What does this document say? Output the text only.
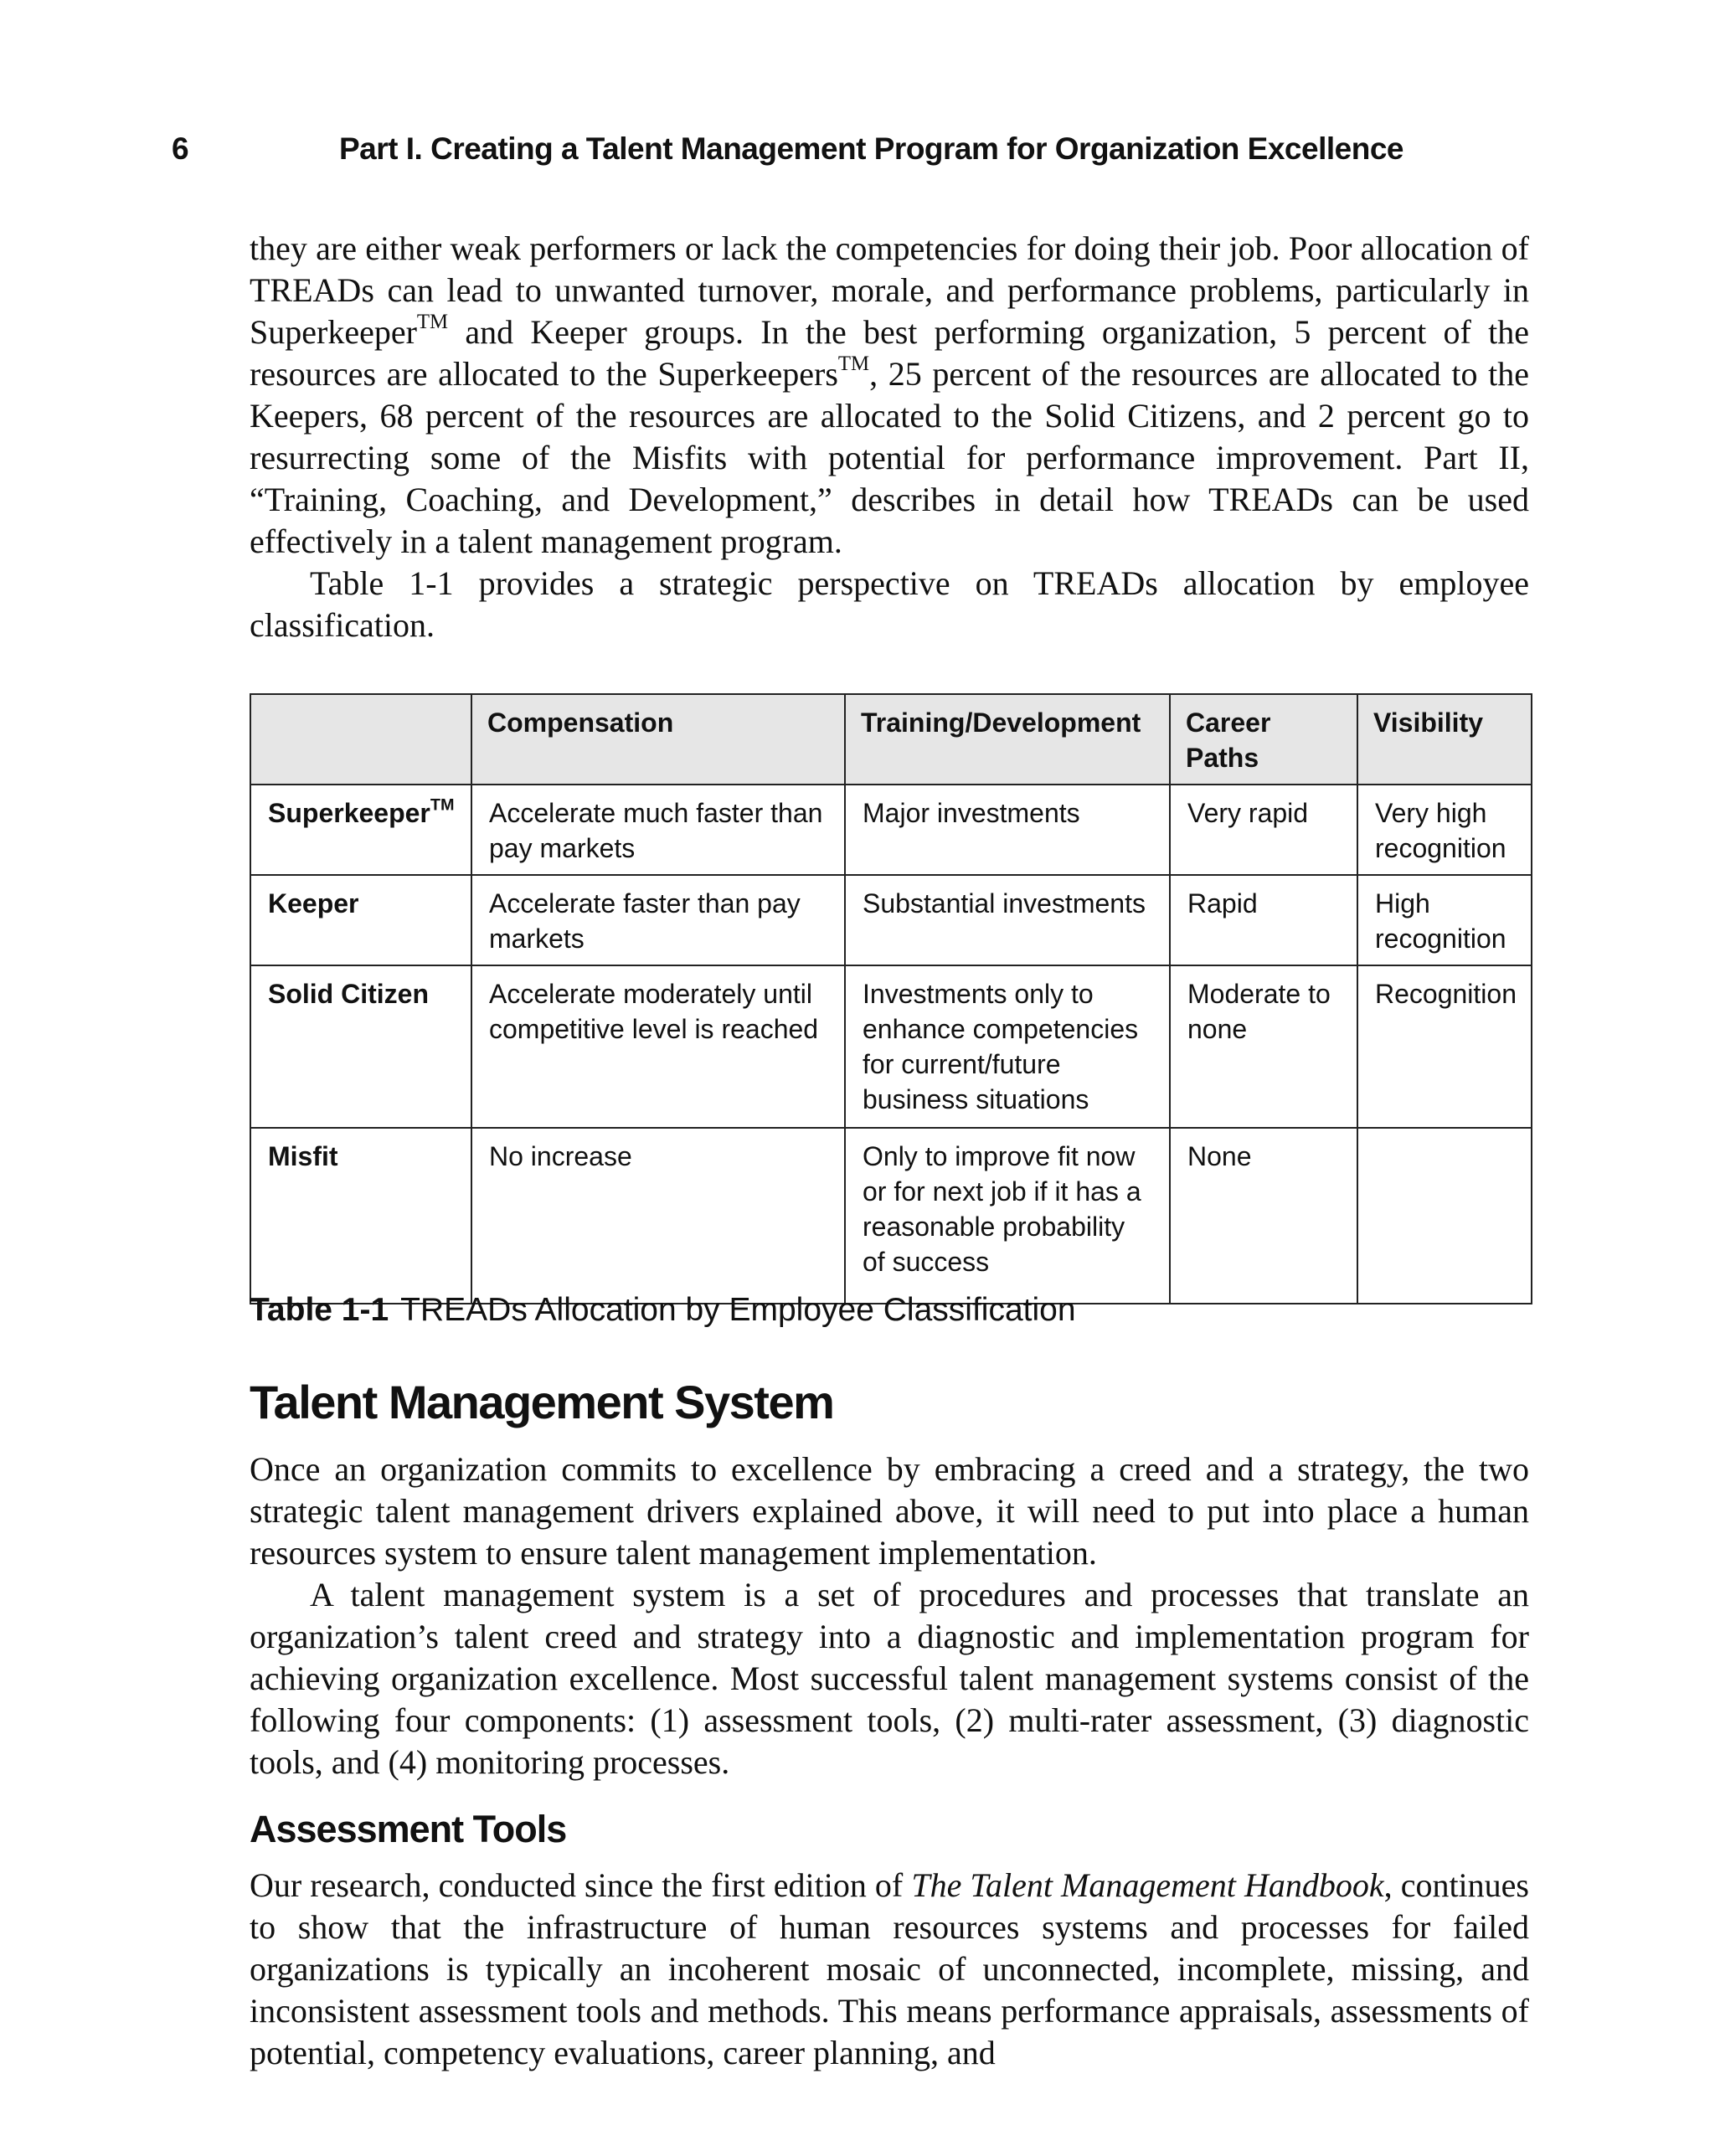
6	Part I. Creating a Talent Management Program for Organization Excellence

they are either weak performers or lack the competencies for doing their job. Poor allocation of TREADs can lead to unwanted turnover, morale, and performance problems, particularly in Superkeeper™ and Keeper groups. In the best performing organization, 5 percent of the resources are allocated to the Superkeepers™, 25 percent of the resources are allocated to the Keepers, 68 percent of the resources are allocated to the Solid Citizens, and 2 percent go to resurrecting some of the Misfits with potential for performance improvement. Part II, “Training, Coaching, and Development,” describes in detail how TREADs can be used effectively in a talent management program.

Table 1-1 provides a strategic perspective on TREADs allocation by employee classification.

	Compensation	Training/Development	Career Paths	Visibility
Superkeeper™	Accelerate much faster than pay markets	Major investments	Very rapid	Very high recognition
Keeper	Accelerate faster than pay markets	Substantial investments	Rapid	High recognition
Solid Citizen	Accelerate moderately until competitive level is reached	Investments only to enhance competencies for current/future business situations	Moderate to none	Recognition
Misfit	No increase	Only to improve fit now or for next job if it has a reasonable probability of success	None	
Table 1-1 TREADs Allocation by Employee Classification
Talent Management System

Once an organization commits to excellence by embracing a creed and a strategy, the two strategic talent management drivers explained above, it will need to put into place a human resources system to ensure talent management implementation.

A talent management system is a set of procedures and processes that translate an organization’s talent creed and strategy into a diagnostic and implementation program for achieving organization excellence. Most successful talent management systems consist of the following four components: (1) assessment tools, (2) multi-rater assessment, (3) diagnostic tools, and (4) monitoring processes.

Assessment Tools

Our research, conducted since the first edition of The Talent Management Handbook, continues to show that the infrastructure of human resources systems and processes for failed organizations is typically an incoherent mosaic of unconnected, incomplete, missing, and inconsistent assessment tools and methods. This means performance appraisals, assessments of potential, competency evaluations, career planning, and
